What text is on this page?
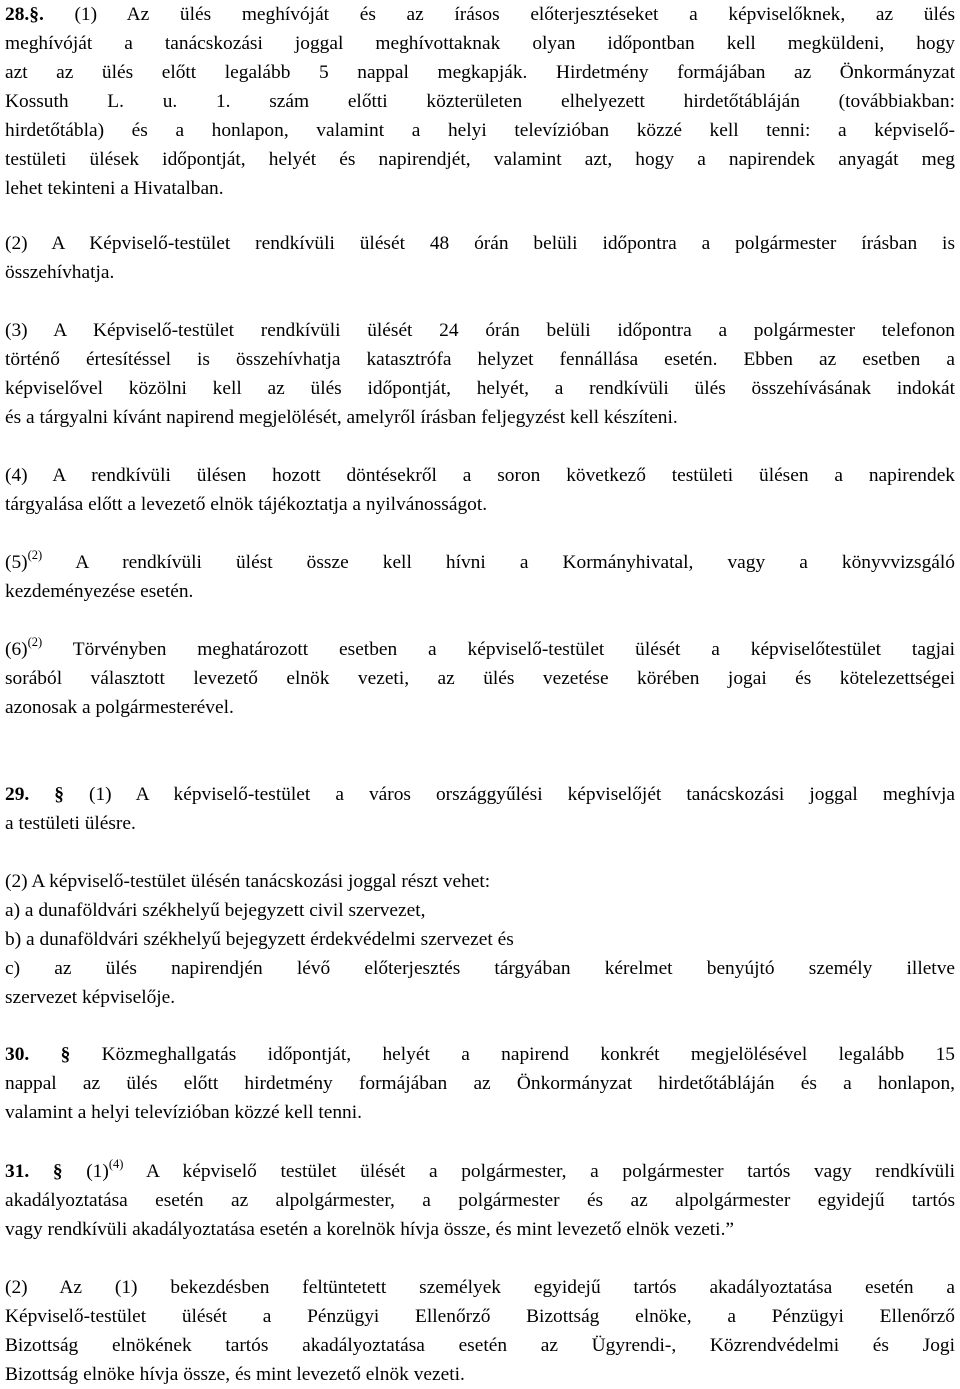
28.§. (1) Az ülés meghívóját és az írásos előterjesztéseket a képviselőknek, az ülés
meghívóját a tanácskozási joggal meghívottaknak olyan időpontban kell megküldeni, hogy
azt az ülés előtt legalább 5 nappal megkapják. Hirdetmény formájában az Önkormányzat
Kossuth L. u. 1. szám előtti közterületen elhelyezett hirdetőtábláján (továbbiakban:
hirdetőtábla) és a honlapon, valamint a helyi televízióban közzé kell tenni: a képviselő-
testületi ülések időpontját, helyét és napirendjét, valamint azt, hogy a napirendek anyagát meg
lehet tekinteni a Hivatalban.
(2) A Képviselő-testület rendkívüli ülését 48 órán belüli időpontra a polgármester írásban is
összehívhatja.
(3) A Képviselő-testület rendkívüli ülését 24 órán belüli időpontra a polgármester telefonon
történő értesítéssel is összehívhatja katasztrófa helyzet fennállása esetén. Ebben az esetben a
képviselővel közölni kell az ülés időpontját, helyét, a rendkívüli ülés összehívásának indokát
és a tárgyalni kívánt napirend megjelölését, amelyről írásban feljegyzést kell készíteni.
(4) A rendkívüli ülésen hozott döntésekről a soron következő testületi ülésen a napirendek
tárgyalása előtt a levezető elnök tájékoztatja a nyilvánosságot.
$(5)^{(2)}$ A rendkívüli ülést össze kell hívni a Kormányhivatal, vagy a könyvvizsgáló
kezdeményezése esetén.
$(6)^{(2)}$ Törvényben meghatározott esetben a képviselő-testület ülését a képviselőtestület tagjai
sorából választott levezető elnök vezeti, az ülés vezetése körében jogai és kötelezettségei
azonosak a polgármesterével.
29. § (1) A képviselő-testület a város országgyűlési képviselőjét tanácskozási joggal meghívja
a testületi ülésre.
(2) A képviselő-testület ülésén tanácskozási joggal részt vehet:
a) a dunaföldvári székhelyű bejegyzett civil szervezet,
b) a dunaföldvári székhelyű bejegyzett érdekvédelmi szervezet és
c) az ülés napirendjén lévő előterjesztés tárgyában kérelmet benyújtó személy illetve
szervezet képviselője.
30. § Közmeghallgatás időpontját, helyét a napirend konkrét megjelölésével legalább 15
nappal az ülés előtt hirdetmény formájában az Önkormányzat hirdetőtábláján és a honlapon,
valamint a helyi televízióban közzé kell tenni.
31. § $(1)^{(4)}$ A képviselő testület ülését a polgármester, a polgármester tartós vagy rendkívüli
akadályoztatása esetén az alpolgármester, a polgármester és az alpolgármester egyidejű tartós
vagy rendkívüli akadályoztatása esetén a korelnök hívja össze, és mint levezető elnök vezeti.”
(2) Az (1) bekezdésben feltüntetett személyek egyidejű tartós akadályoztatása esetén a
Képviselő-testület ülését a Pénzügyi Ellenőrző Bizottság elnöke, a Pénzügyi Ellenőrző
Bizottság elnökének tartós akadályoztatása esetén az Ügyrendi-, Közrendvédelmi és Jogi
Bizottság elnöke hívja össze, és mint levezető elnök vezeti.
